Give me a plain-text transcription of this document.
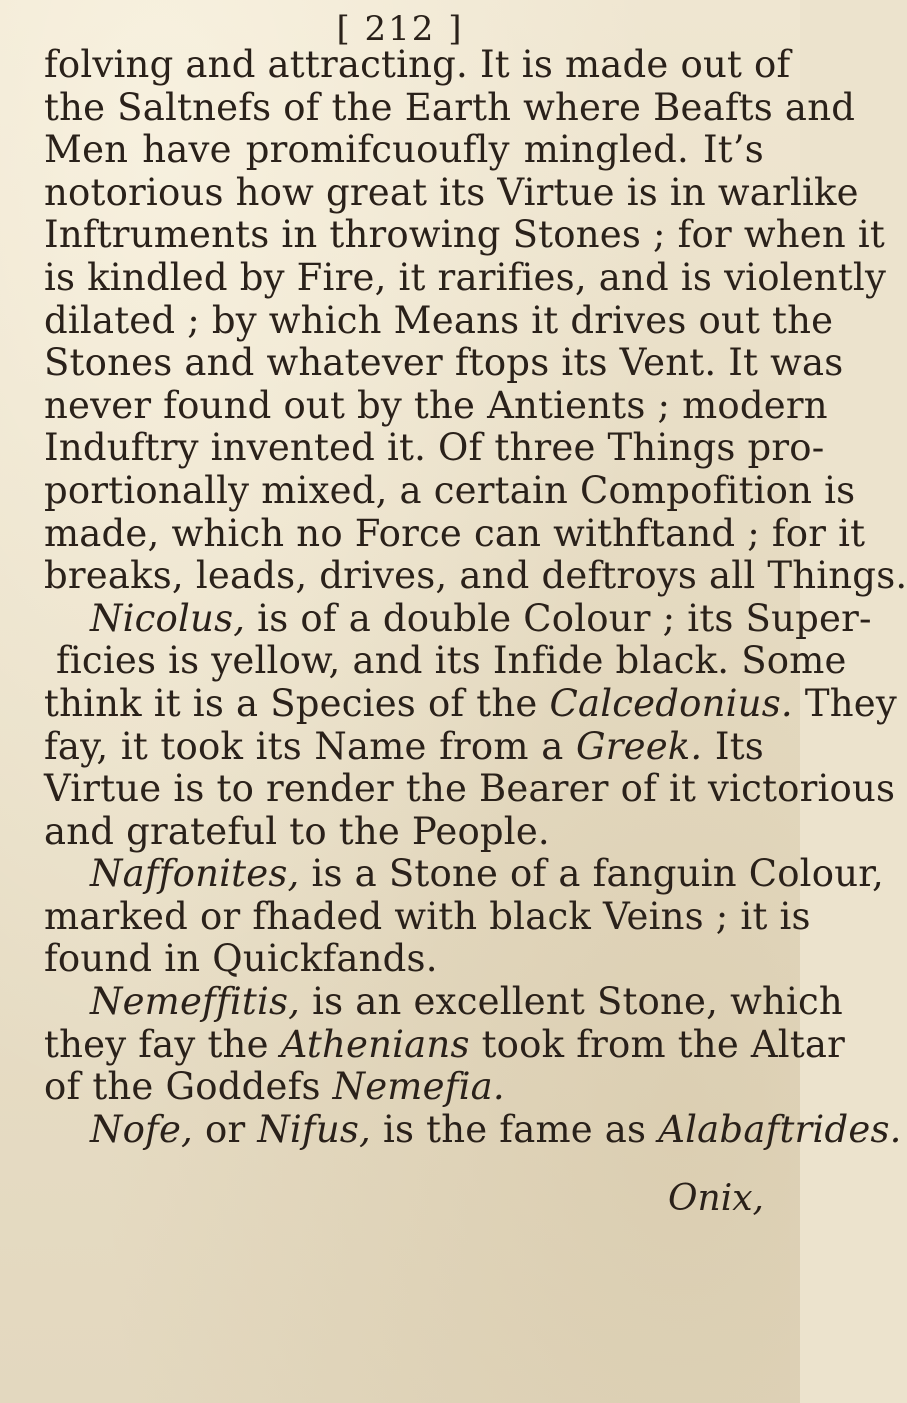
[ 212 ]
folving and attracting. It is made out of
the Saltnefs of the Earth where Beafts and
Men have promifcuoufly mingled. It’s
notorious how great its Virtue is in warlike
Inftruments in throwing Stones ; for when it
is kindled by Fire, it rarifies, and is violently
dilated ; by which Means it drives out the
Stones and whatever ftops its Vent. It was
never found out by the Antients ; modern
Induftry invented it. Of three Things pro-
portionally mixed, a certain Compofition is
made, which no Force can withftand ; for it
breaks, leads, drives, and deftroys all Things.
Nicolus, is of a double Colour ; its Super-
ficies is yellow, and its Infide black. Some
think it is a Species of the Calcedonius. They
fay, it took its Name from a Greek. Its
Virtue is to render the Bearer of it victorious
and grateful to the People.
Naffonites, is a Stone of a fanguin Colour,
marked or fhaded with black Veins ; it is
found in Quickfands.
Nemeffitis, is an excellent Stone, which
they fay the Athenians took from the Altar
of the Goddefs Nemefia.
Nofe, or Nifus, is the fame as Alabaftrides.
Onix,
